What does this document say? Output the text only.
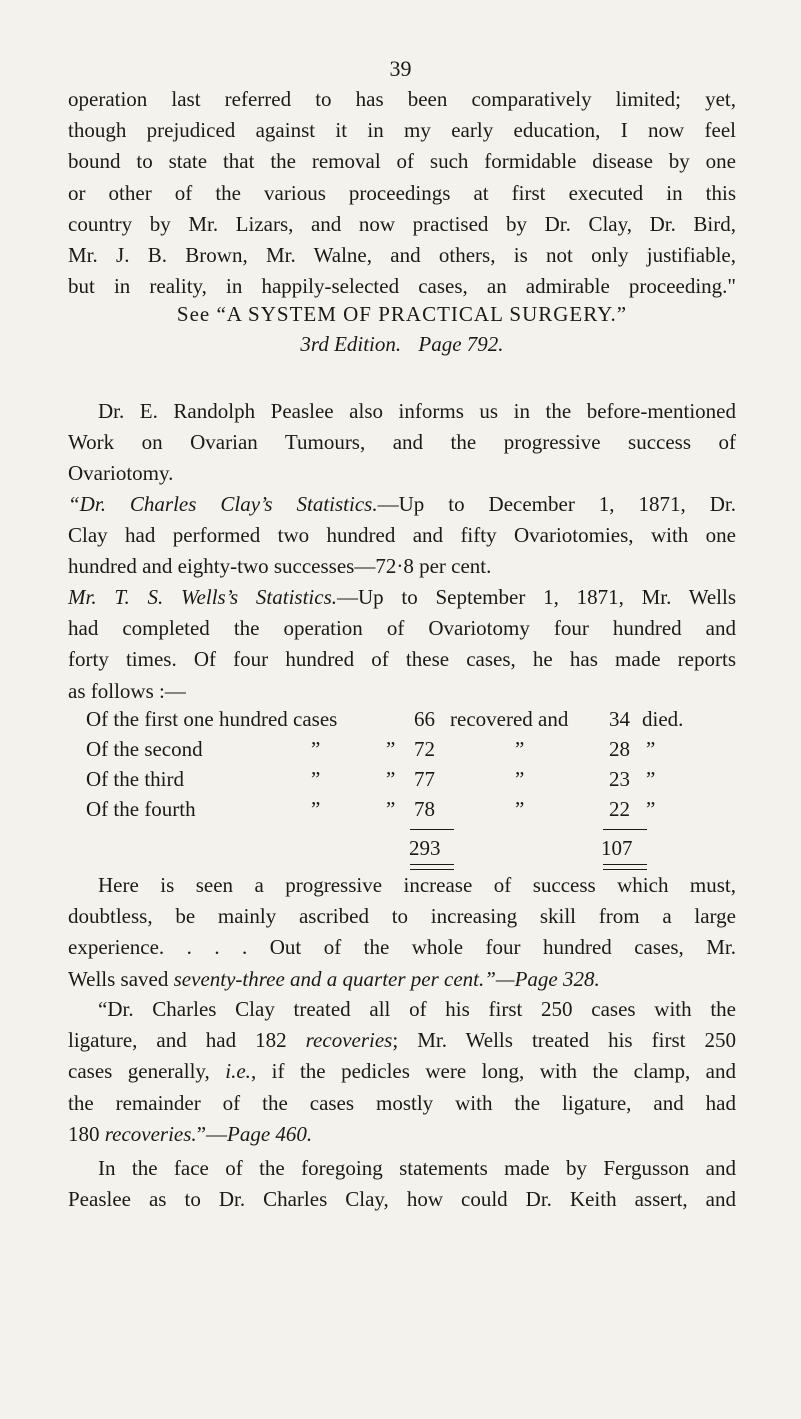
39
operation last referred to has been comparatively limited; yet,
though prejudiced against it in my early education, I now feel
bound to state that the removal of such formidable disease by one
or other of the various proceedings at first executed in this
country by Mr. Lizars, and now practised by Dr. Clay, Dr. Bird,
Mr. J. B. Brown, Mr. Walne, and others, is not only justifiable,
but in reality, in happily-selected cases, an admirable proceeding."
See “A SYSTEM OF PRACTICAL SURGERY.”
3rd Edition. Page 792.
Dr. E. Randolph Peaslee also informs us in the before-mentioned
Work on Ovarian Tumours, and the progressive success of
Ovariotomy.
“Dr. Charles Clay’s Statistics.—Up to December 1, 1871, Dr.
Clay had performed two hundred and fifty Ovariotomies, with one
hundred and eighty-two successes—72·8 per cent.
Mr. T. S. Wells’s Statistics.—Up to September 1, 1871, Mr. Wells
had completed the operation of Ovariotomy four hundred and
forty times. Of four hundred of these cases, he has made reports
as follows :—
Of the first one hundred cases	66 recovered and 34 died.
Of the second	”	” 72	”	28 ”
Of the third	”	” 77	”	23 ”
Of the fourth	”	” 78	”	22 ”
293	107
Here is seen a progressive increase of success which must,
doubtless, be mainly ascribed to increasing skill from a large
experience. . . . Out of the whole four hundred cases, Mr.
Wells saved seventy-three and a quarter per cent.”—Page 328.
“Dr. Charles Clay treated all of his first 250 cases with the
ligature, and had 182 recoveries; Mr. Wells treated his first 250
cases generally, i.e., if the pedicles were long, with the clamp, and
the remainder of the cases mostly with the ligature, and had
180 recoveries.”—Page 460.
In the face of the foregoing statements made by Fergusson and
Peaslee as to Dr. Charles Clay, how could Dr. Keith assert, and
